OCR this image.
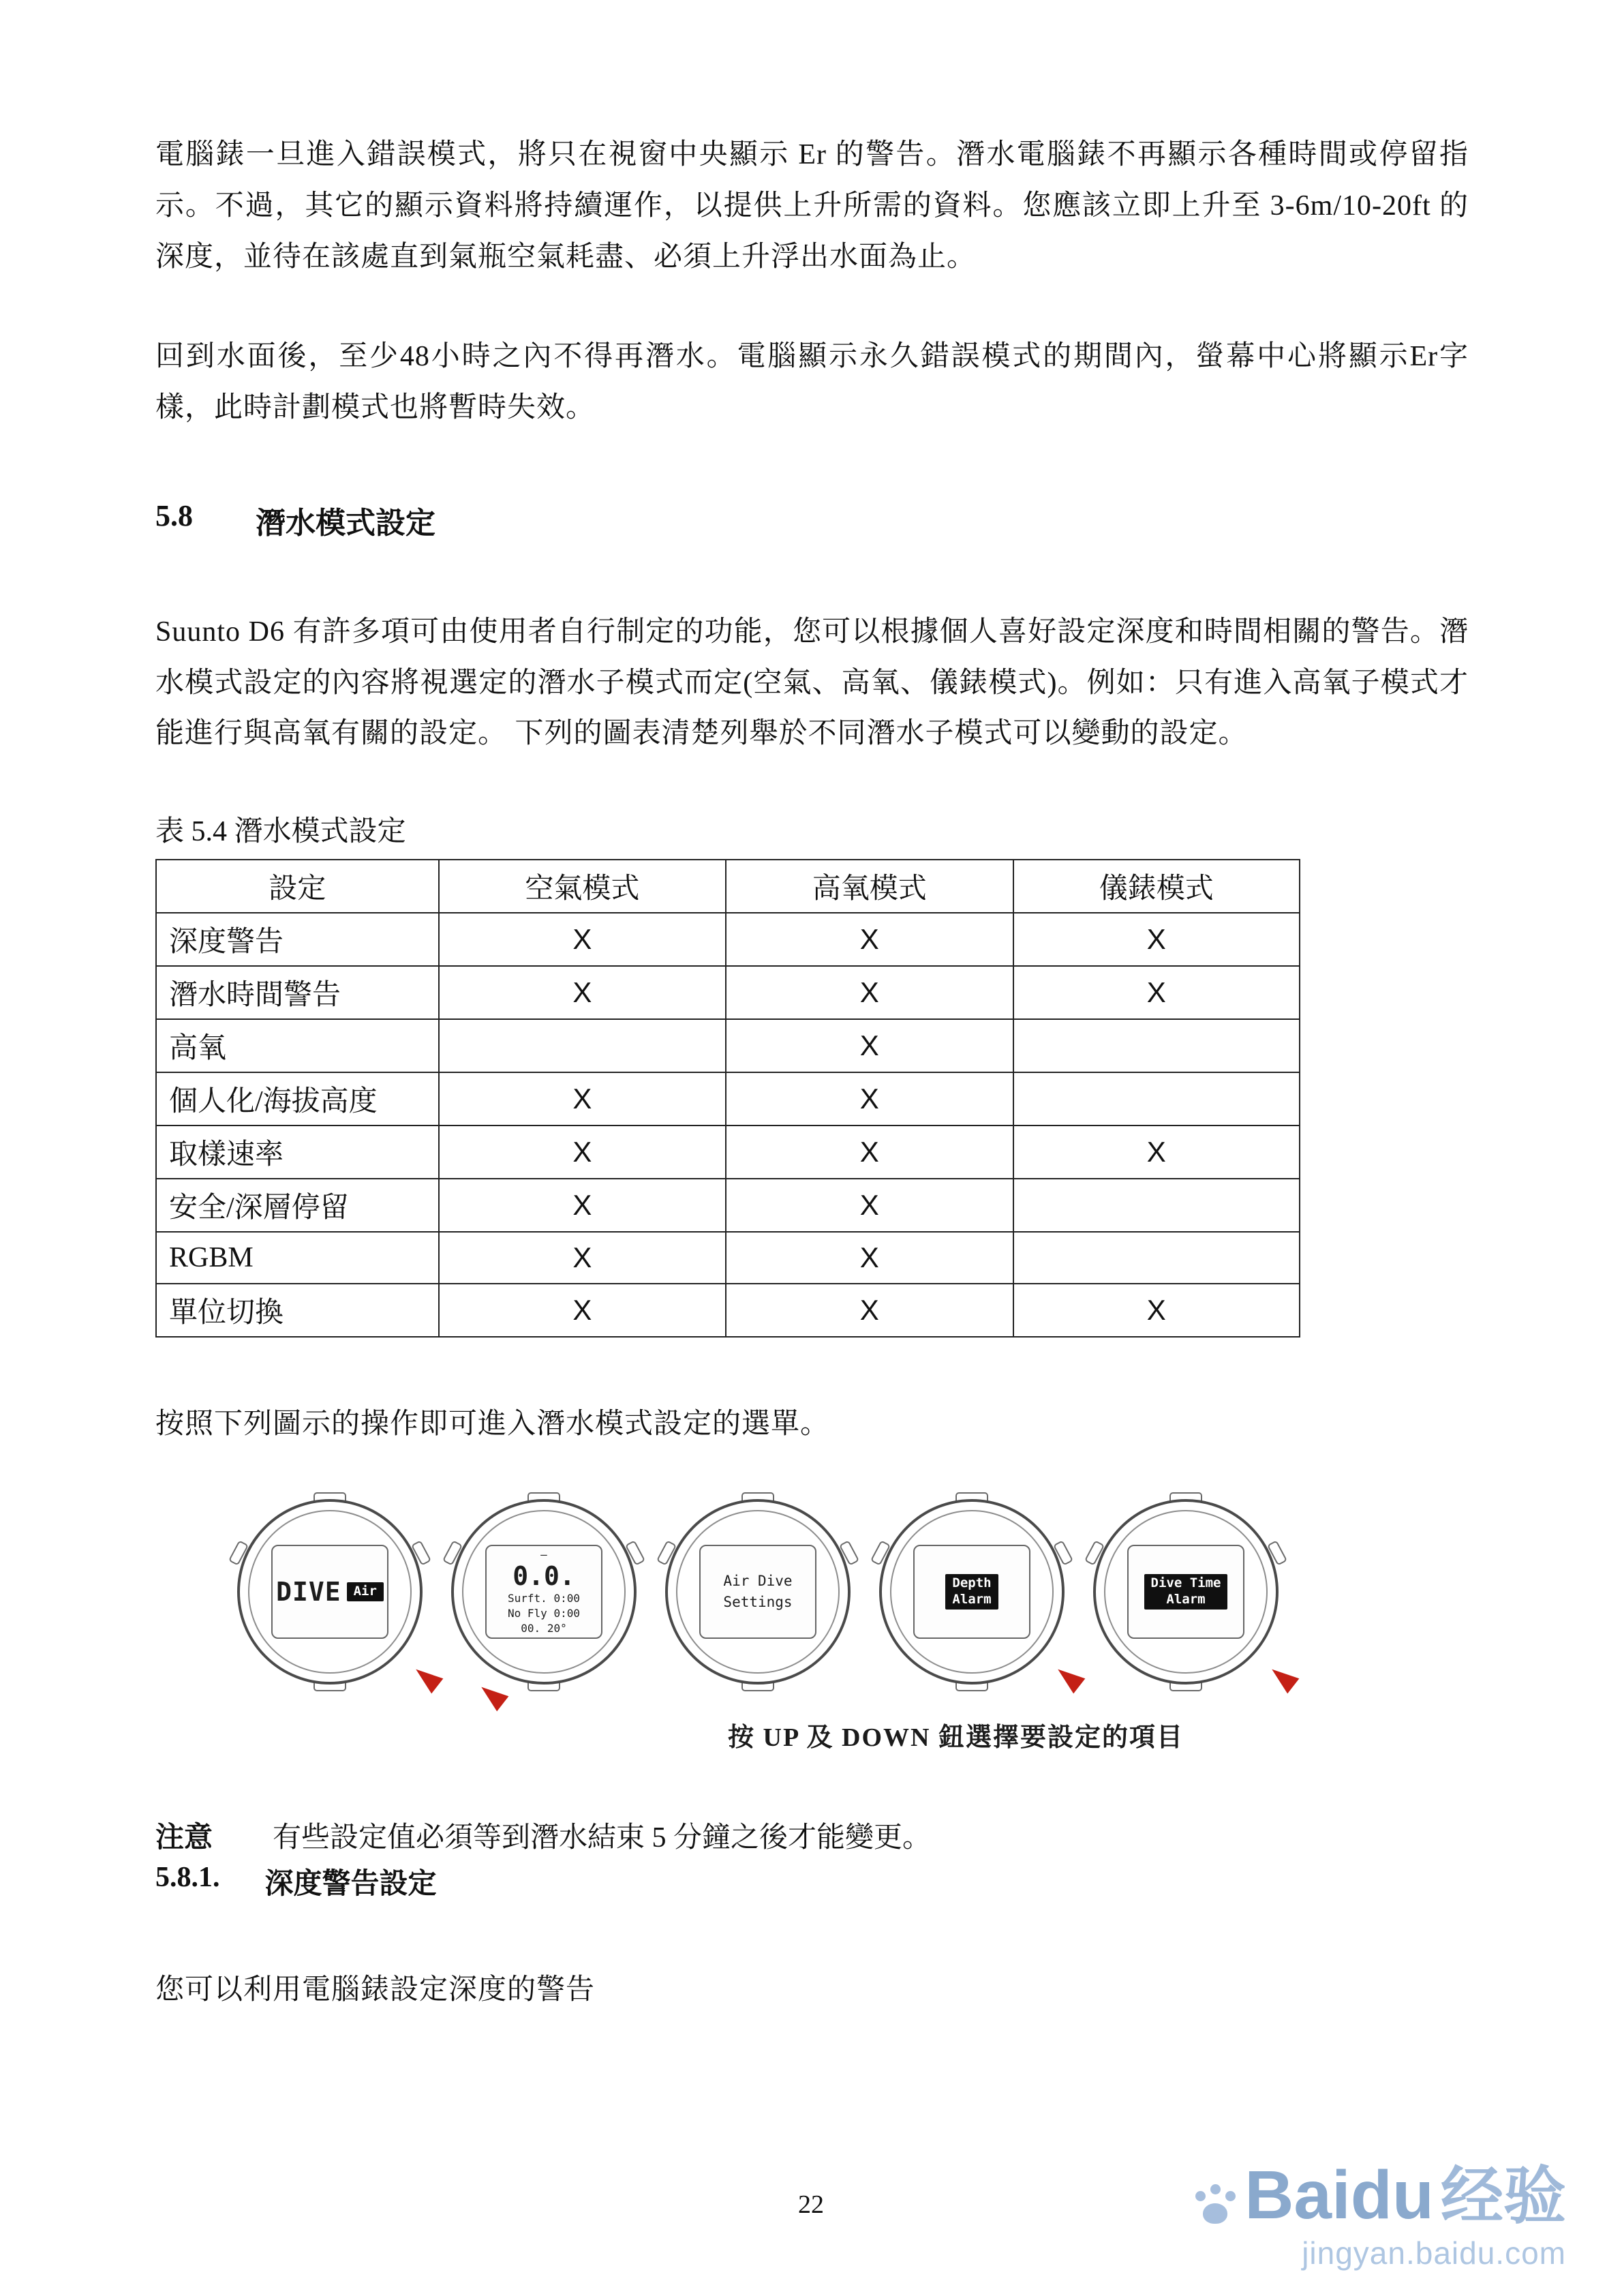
電腦錶一旦進入錯誤模式，將只在視窗中央顯示 Er 的警告。潛水電腦錶不再顯示各種時間或停留指示。不過，其它的顯示資料將持續運作，以提供上升所需的資料。您應該立即上升至 3-6m/10-20ft 的深度，並待在該處直到氣瓶空氣耗盡、必須上升浮出水面為止。

回到水面後，至少48小時之內不得再潛水。電腦顯示永久錯誤模式的期間內，螢幕中心將顯示Er字樣，此時計劃模式也將暫時失效。

5.8 潛水模式設定

Suunto D6 有許多項可由使用者自行制定的功能，您可以根據個人喜好設定深度和時間相關的警告。潛水模式設定的內容將視選定的潛水子模式而定(空氣、高氧、儀錶模式)。例如：只有進入高氧子模式才能進行與高氧有關的設定。 下列的圖表清楚列舉於不同潛水子模式可以變動的設定。

表 5.4 潛水模式設定
設定	空氣模式	高氧模式	儀錶模式
深度警告	X	X	X
潛水時間警告	X	X	X
高氧		X	
個人化/海拔高度	X	X	
取樣速率	X	X	X
安全/深層停留	X	X	
RGBM	X	X	
單位切換	X	X	X

按照下列圖示的操作即可進入潛水模式設定的選單。

DIVE Air
—
0.0.
Surft. 0:00
No Fly 0:00
00. 20°
Air Dive
Settings
Depth
Alarm
Dive Time
Alarm
按 UP 及 DOWN 鈕選擇要設定的項目
注意 有些設定值必須等到潛水結束 5 分鐘之後才能變更。
5.8.1. 深度警告設定

您可以利用電腦錶設定深度的警告

22	Baidu 经验
jingyan.baidu.com
